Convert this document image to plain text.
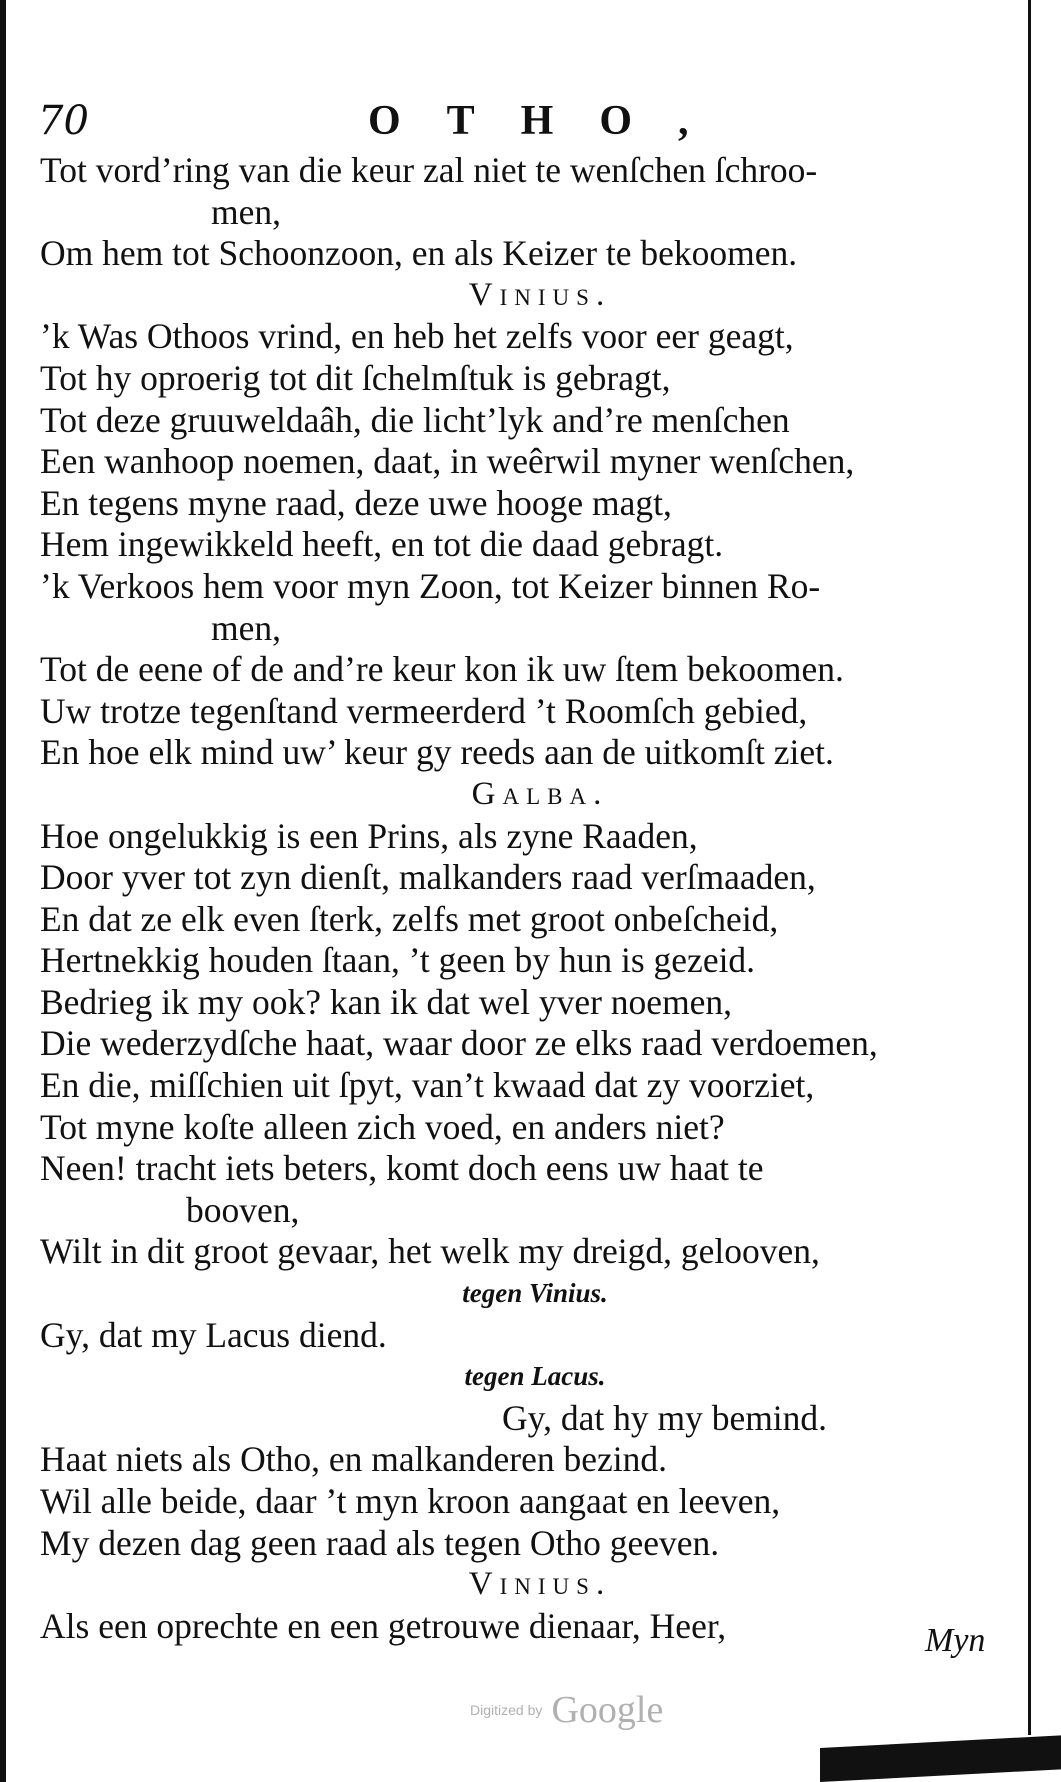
70	OTHO,
Tot vord’ring van die keur zal niet te wenſchen ſchroo-
men,
Om hem tot Schoonzoon, en als Keizer te bekoomen.
Vinius.
’k Was Othoos vrind, en heb het zelfs voor eer geagt,
Tot hy oproerig tot dit ſchelmſtuk is gebragt,
Tot deze gruuweldaâh, die licht’lyk and’re menſchen
Een wanhoop noemen, daat, in weêrwil myner wenſchen,
En tegens myne raad, deze uwe hooge magt,
Hem ingewikkeld heeft, en tot die daad gebragt.
’k Verkoos hem voor myn Zoon, tot Keizer binnen Ro-
men,
Tot de eene of de and’re keur kon ik uw ſtem bekoomen.
Uw trotze tegenſtand vermeerderd ’t Roomſch gebied,
En hoe elk mind uw’ keur gy reeds aan de uitkomſt ziet.
Galba.
Hoe ongelukkig is een Prins, als zyne Raaden,
Door yver tot zyn dienſt, malkanders raad verſmaaden,
En dat ze elk even ſterk, zelfs met groot onbeſcheid,
Hertnekkig houden ſtaan, ’t geen by hun is gezeid.
Bedrieg ik my ook? kan ik dat wel yver noemen,
Die wederzydſche haat, waar door ze elks raad verdoemen,
En die, miſſchien uit ſpyt, van’t kwaad dat zy voorziet,
Tot myne koſte alleen zich voed, en anders niet?
Neen! tracht iets beters, komt doch eens uw haat te
booven,
Wilt in dit groot gevaar, het welk my dreigd, gelooven,
tegen Vinius.
Gy, dat my Lacus diend.
tegen Lacus.
Gy, dat hy my bemind.
Haat niets als Otho, en malkanderen bezind.
Wil alle beide, daar ’t myn kroon aangaat en leeven,
My dezen dag geen raad als tegen Otho geeven.
Vinius.
Als een oprechte en een getrouwe dienaar, Heer,	Myn
Digitized by Google
